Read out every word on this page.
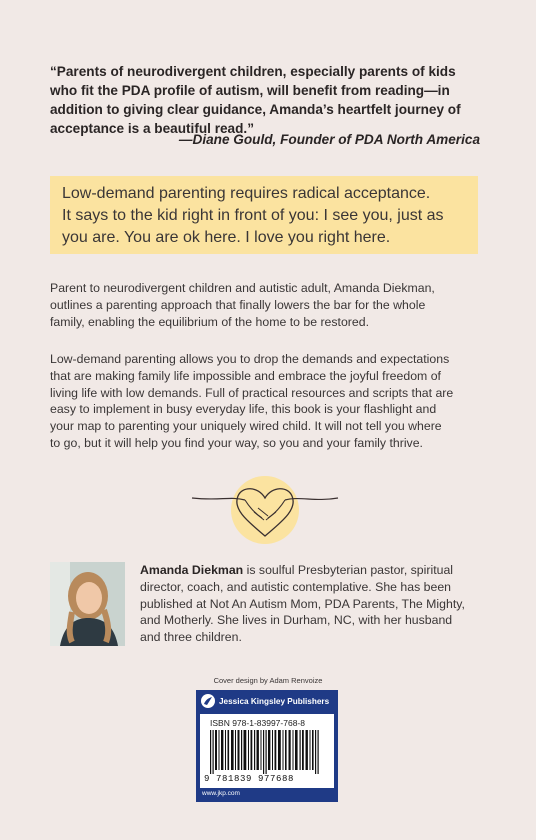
“Parents of neurodivergent children, especially parents of kids
who fit the PDA profile of autism, will benefit from reading—in
addition to giving clear guidance, Amanda’s heartfelt journey of
acceptance is a beautiful read.”
—Diane Gould, Founder of PDA North America
Low-demand parenting requires radical acceptance.
It says to the kid right in front of you: I see you, just as
you are. You are ok here. I love you right here.
Parent to neurodivergent children and autistic adult, Amanda Diekman,
outlines a parenting approach that finally lowers the bar for the whole
family, enabling the equilibrium of the home to be restored.
Low-demand parenting allows you to drop the demands and expectations
that are making family life impossible and embrace the joyful freedom of
living life with low demands. Full of practical resources and scripts that are
easy to implement in busy everyday life, this book is your flashlight and
your map to parenting your uniquely wired child. It will not tell you where
to go, but it will help you find your way, so you and your family thrive.
Amanda Diekman is soulful Presbyterian pastor, spiritual
director, coach, and autistic contemplative. She has been
published at Not An Autism Mom, PDA Parents, The Mighty,
and Motherly. She lives in Durham, NC, with her husband
and three children.
Cover design by Adam Renvoize
Jessica Kingsley Publishers
ISBN 978-1-83997-768-8
9 781839 977688
www.jkp.com
